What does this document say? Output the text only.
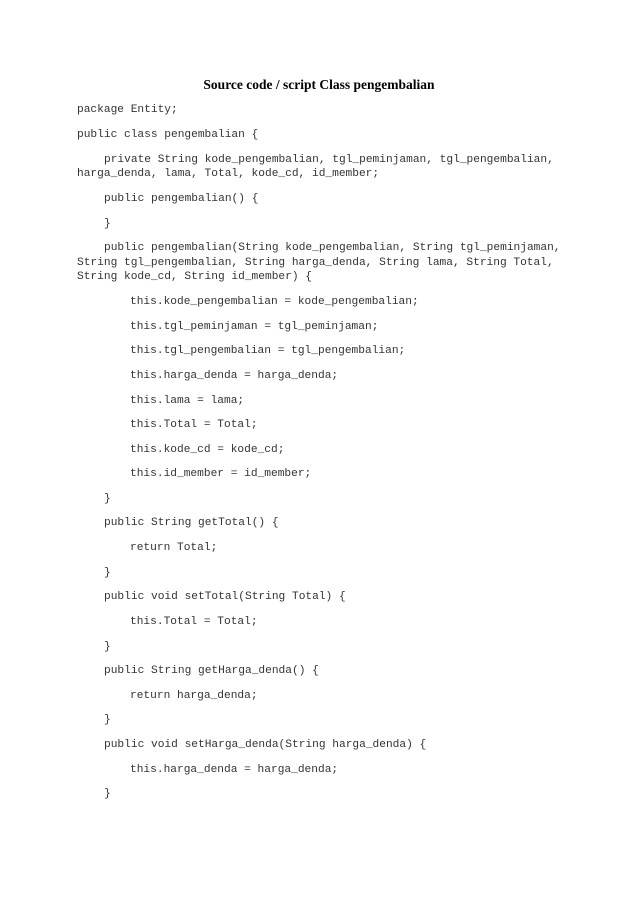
Source code / script Class pengembalian
package Entity;
public class pengembalian {
private String kode_pengembalian, tgl_peminjaman, tgl_pengembalian,
harga_denda, lama, Total, kode_cd, id_member;
public pengembalian() {
}
public pengembalian(String kode_pengembalian, String tgl_peminjaman,
String tgl_pengembalian, String harga_denda, String lama, String Total,
String kode_cd, String id_member) {
this.kode_pengembalian = kode_pengembalian;
this.tgl_peminjaman = tgl_peminjaman;
this.tgl_pengembalian = tgl_pengembalian;
this.harga_denda = harga_denda;
this.lama = lama;
this.Total = Total;
this.kode_cd = kode_cd;
this.id_member = id_member;
}
public String getTotal() {
return Total;
}
public void setTotal(String Total) {
this.Total = Total;
}
public String getHarga_denda() {
return harga_denda;
}
public void setHarga_denda(String harga_denda) {
this.harga_denda = harga_denda;
}
